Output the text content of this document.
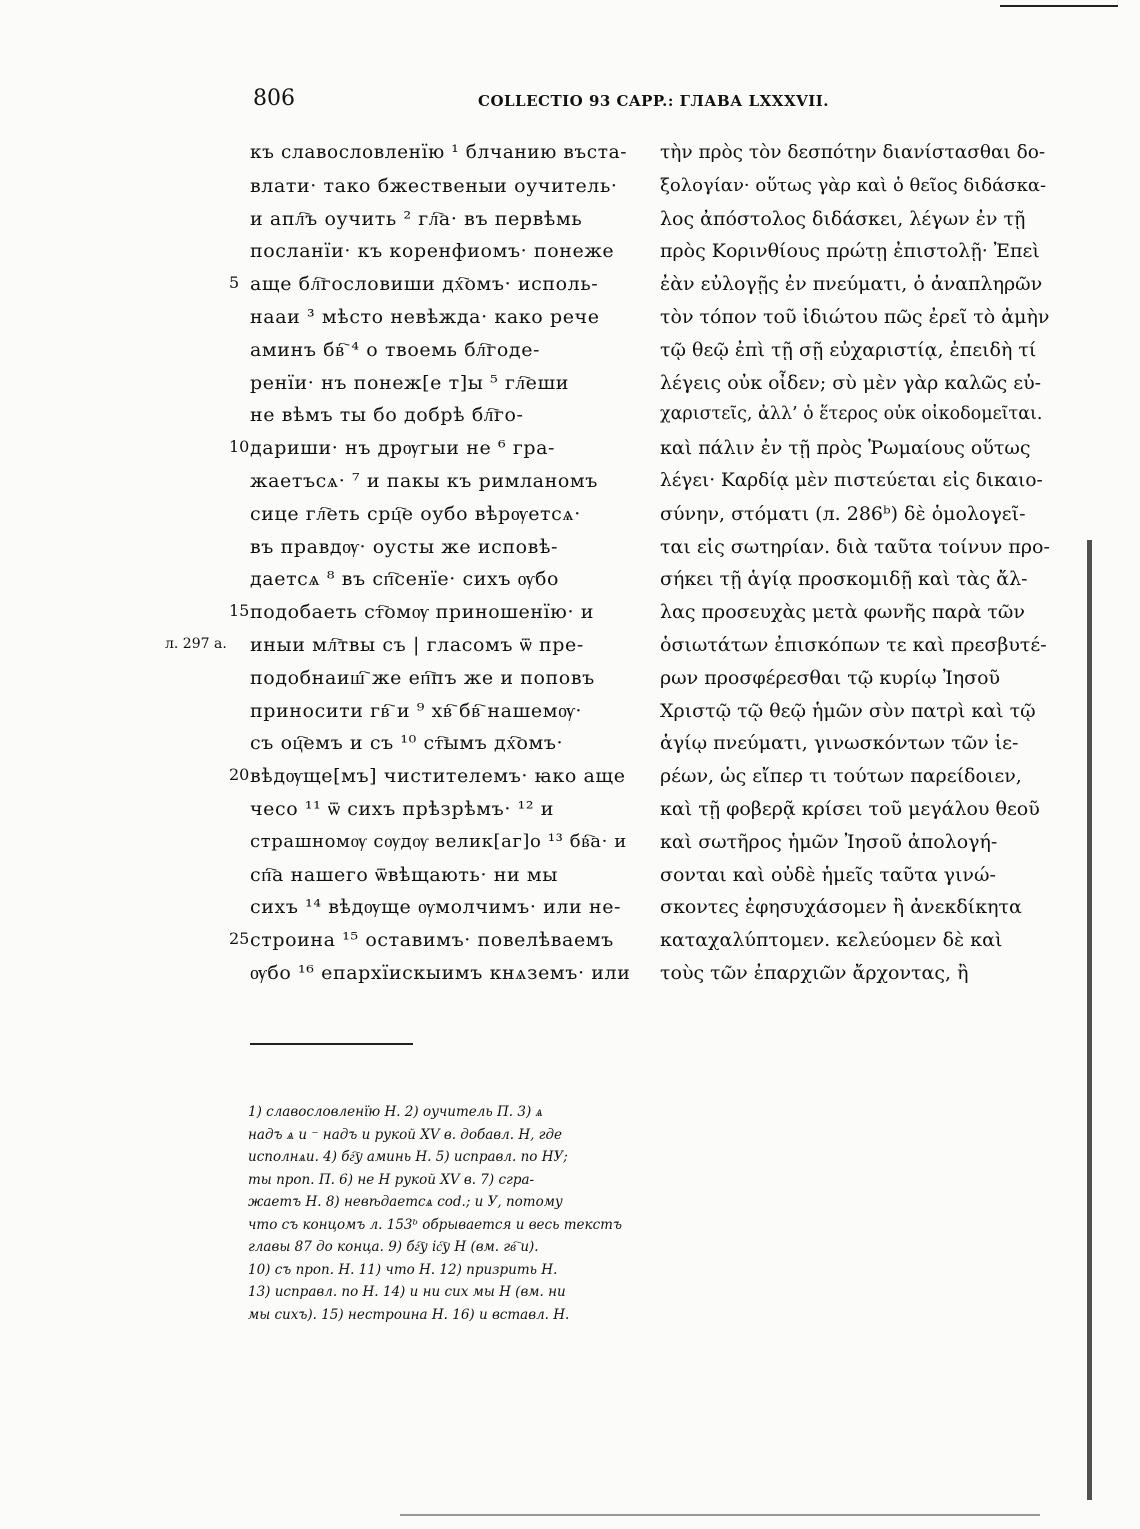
806	COLLECTIO 93 CAPP.: ГЛАВА LXXXVII.
къ славословленїю ¹ блчанию въста-
влати· тако бжественыи оучитель·
и апл҇ъ оучить ² гл҇а· въ первѣмь
посланїи· къ коренфиомъ· понеже
аще бл҇гословиши дх҇омъ· исполь-
нааи ³ мѣсто невѣжда· како рече
аминъ бв҇ ⁴ о твоемь бл҇годе-
ренїи· нъ понеж[е т]ы ⁵ гл҇еши
не вѣмъ ты бо добрѣ бл҇го-
дариши· нъ дрѹгыи не ⁶ гра-
жаетъсѧ· ⁷ и пакы къ римланомъ
сице гл҇еть срц҇е оубо вѣрѹетсѧ·
въ правдѹ· оусты же исповѣ-
даетсѧ ⁸ въ сп҇сенїе· сихъ ѹбо
подобаеть ст҇омѹ приношенїю· и
иныи мл҇твы съ | гласомъ ѿ пре-
подобнаиш҇ же еп҇пъ же и поповъ
приносити гв҇ и ⁹ хв҇ бв҇ нашемѹ·
съ оц҇емъ и съ ¹⁰ ст҇ымъ дх҇омъ·
вѣдѹще[мъ] чистителемъ· ꙗко аще
чесо ¹¹ ѿ сихъ прѣзрѣмъ· ¹² и
страшномѹ сѹдѹ велик[аг]о ¹³ бв҇а· и
сп҇а нашего ѿвѣщають· ни мы
сихъ ¹⁴ вѣдѹще ѹмолчимъ· или не-
строина ¹⁵ оставимъ· повелѣваемъ
ѹбо ¹⁶ епархїискыимъ кнѧземъ· или
τὴν πρὸς τὸν δεσπότην διανίστασθαι δο-
ξολογίαν· οὕτως γὰρ καὶ ὁ θεῖος διδάσκα-
λος ἀπόστολος διδάσκει, λέγων ἐν τῇ
πρὸς Κορινθίους πρώτῃ ἐπιστολῇ· Ἐπεὶ
ἐὰν εὐλογῇς ἐν πνεύματι, ὁ ἀναπληρῶν
τὸν τόπον τοῦ ἰδιώτου πῶς ἐρεῖ τὸ ἀμὴν
τῷ θεῷ ἐπὶ τῇ σῇ εὐχαριστίᾳ, ἐπειδὴ τί
λέγεις οὐκ οἶδεν; σὺ μὲν γὰρ καλῶς εὐ-
χαριστεῖς, ἀλλ’ ὁ ἕτερος οὐκ οἰκοδομεῖται.
καὶ πάλιν ἐν τῇ πρὸς Ῥωμαίους οὕτως
λέγει· Καρδίᾳ μὲν πιστεύεται εἰς δικαιο-
σύνην, στόματι (л. 286ᵇ) δὲ ὁμολογεῖ-
ται εἰς σωτηρίαν. διὰ ταῦτα τοίνυν προ-
σήκει τῇ ἁγίᾳ προσκομιδῇ καὶ τὰς ἄλ-
λας προσευχὰς μετὰ φωνῆς παρὰ τῶν
ὁσιωτάτων ἐπισκόπων τε καὶ πρεσβυτέ-
ρων προσφέρεσθαι τῷ κυρίῳ Ἰησοῦ
Χριστῷ τῷ θεῷ ἡμῶν σὺν πατρὶ καὶ τῷ
ἁγίῳ πνεύματι, γινωσκόντων τῶν ἱε-
ρέων, ὡς εἴπερ τι τούτων παρείδοιεν,
καὶ τῇ φοβερᾷ κρίσει τοῦ μεγάλου θεοῦ
καὶ σωτῆρος ἡμῶν Ἰησοῦ ἀπολογή-
σονται καὶ οὐδὲ ἡμεῖς ταῦτα γινώ-
σκοντες ἐφησυχάσομεν ἢ ἀνεκδίκητα
καταχαλύπτομεν. κελεύομεν δὲ καὶ
τοὺς τῶν ἐπαρχιῶν ἄρχοντας, ἢ
5
10
15
20
25
л. 297 a.
1) славословленїю Н. 2) оучитель П. 3) ѧ
надъ ѧ и ⁻ надъ и рукой XV в. добавл. Н, где
исполнѧи. 4) бг҇у аминь Н. 5) исправл. по НУ;
ты проп. П. 6) не Н рукой XV в. 7) сгра-
жаетъ Н. 8) невѣдаетсѧ cod.; и У, потому
что съ концомъ л. 153ᵇ обрывается и весь текстъ
главы 87 до конца. 9) бг҇у іс҇у Н (вм. гв҇ и).
10) съ проп. Н. 11) что Н. 12) призрить Н.
13) исправл. по Н. 14) и ни сих мы Н (вм. ни
мы сихъ). 15) нестроина Н. 16) и вставл. Н.
